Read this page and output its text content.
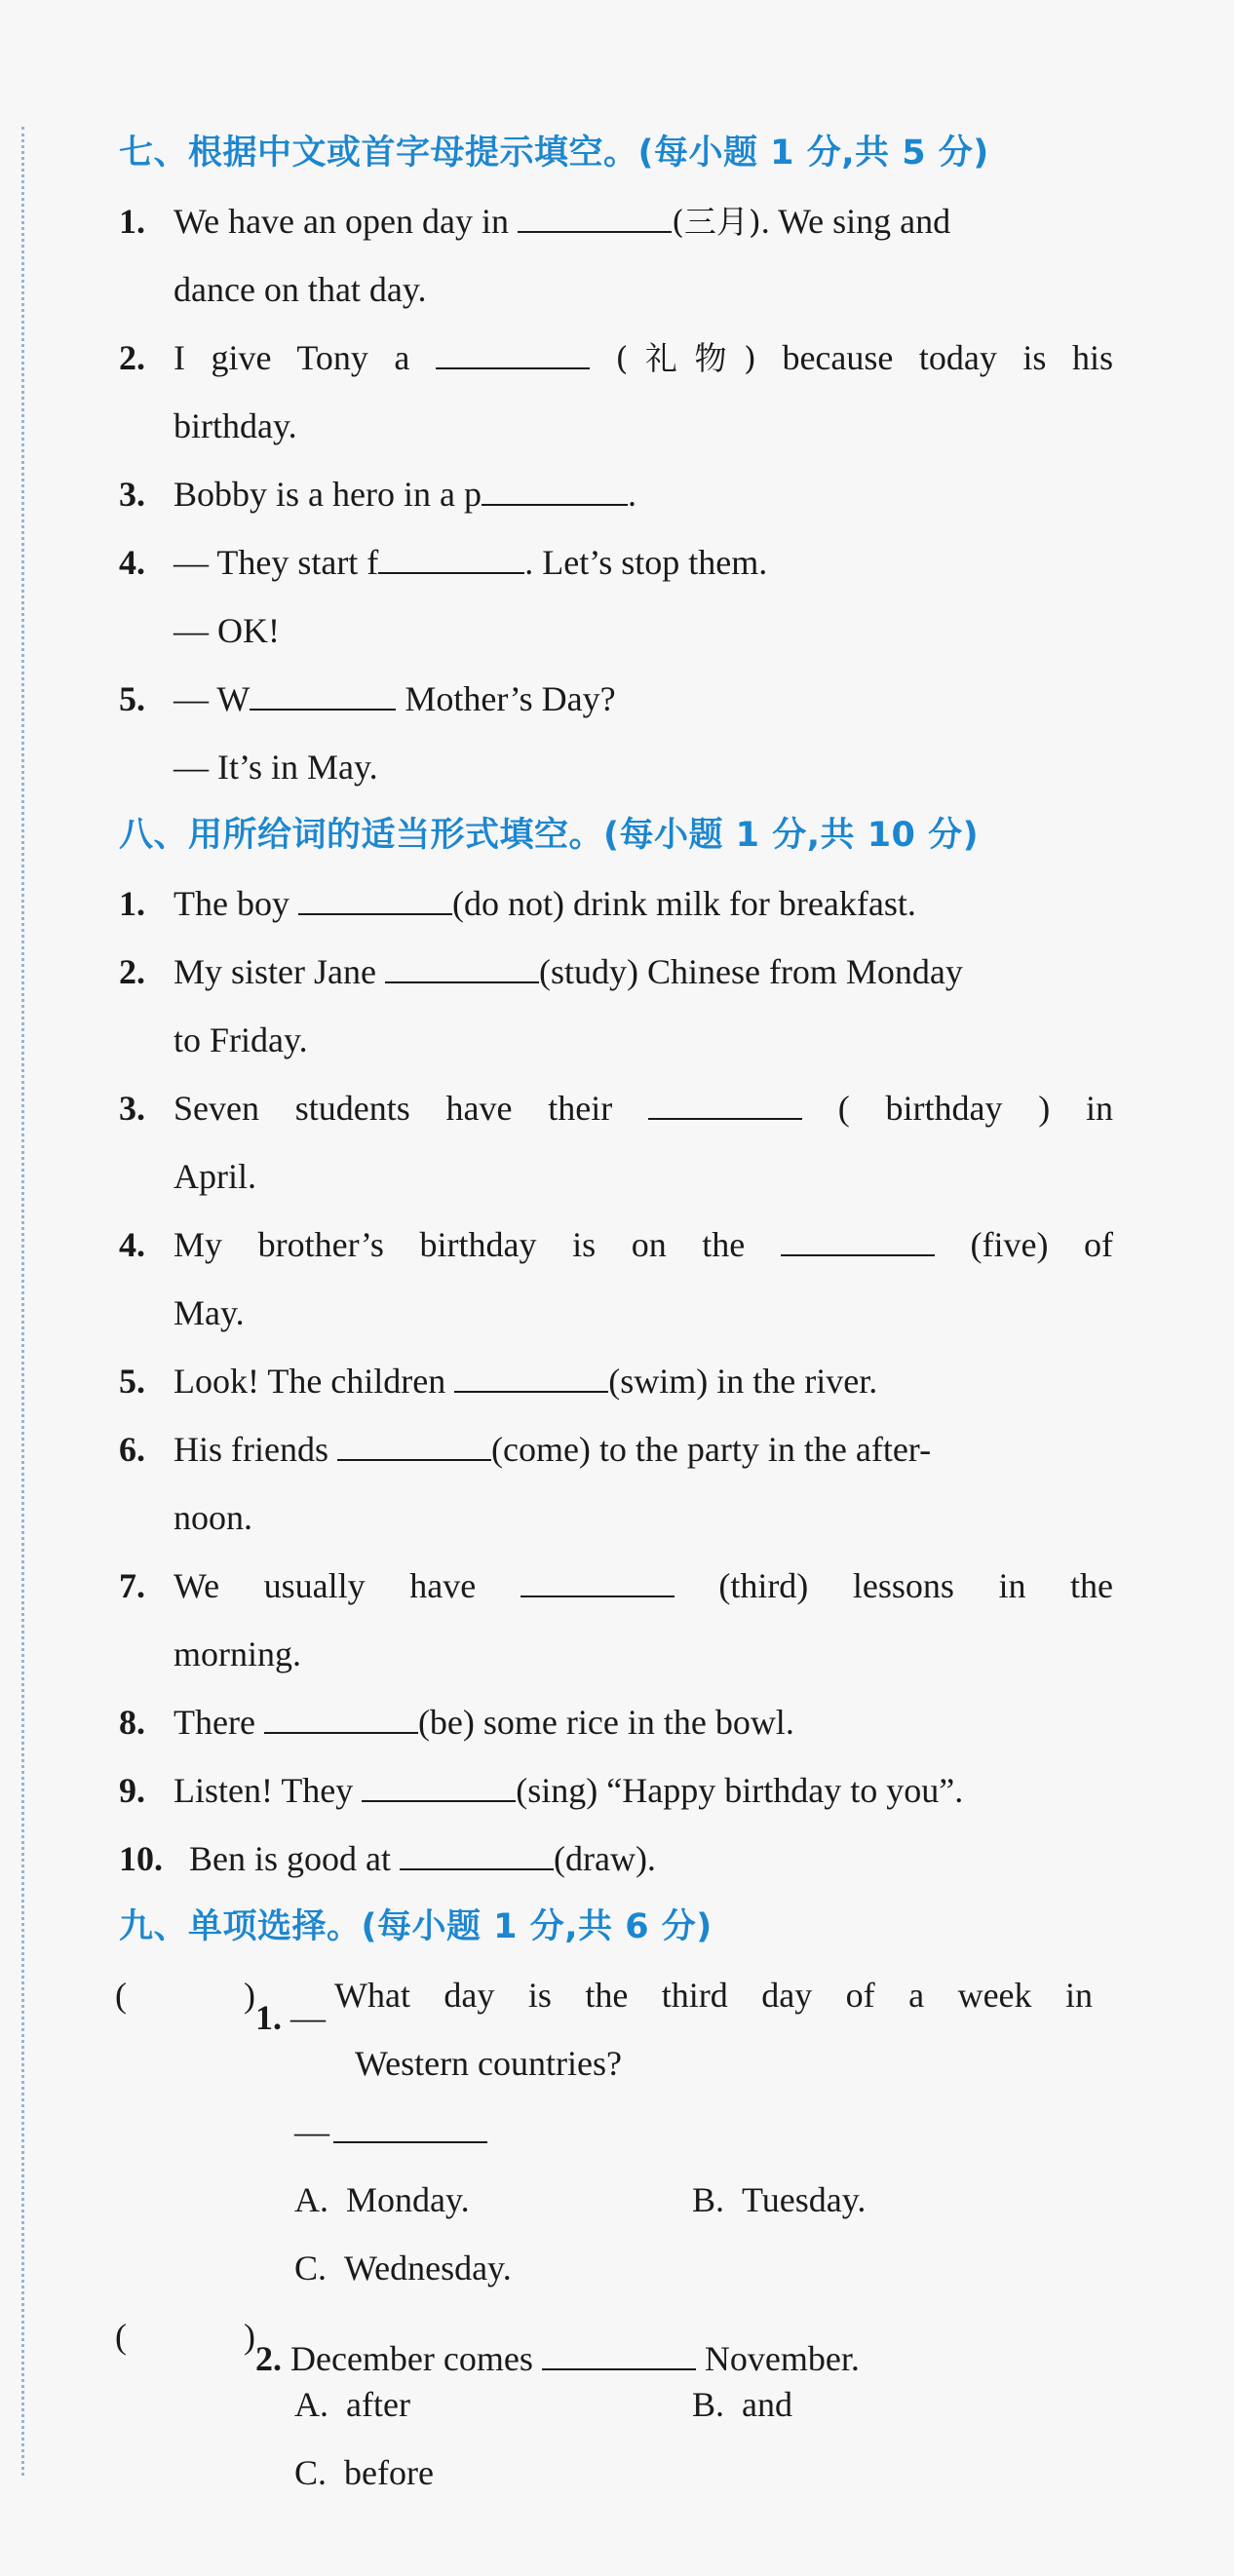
七、根据中文或首字母提示填空。(每小题 1 分,共 5 分)
1. We have an open day in	(三月). We sing and
dance on that day.
2. I give Tony a	(礼物) because today is his
birthday.
3. Bobby is a hero in a p	.
4. — They start f	. Let’s stop them.
— OK!
5. — W	Mother’s Day?
— It’s in May.
八、用所给词的适当形式填空。(每小题 1 分,共 10 分)
1. The boy	(do not) drink milk for breakfast.
2. My sister Jane	(study) Chinese from Monday
to Friday.
3. Seven students have their	( birthday ) in
April.
4. My brother’s birthday is on the	(five) of
May.
5. Look! The children	(swim) in the river.
6. His friends	(come) to the party in the after-
noon.
7. We usually have	(third) lessons in the
morning.
8. There	(be) some rice in the bowl.
9. Listen! They	(sing) “Happy birthday to you”.
10. Ben is good at	(draw).
九、单项选择。(每小题 1 分,共 6 分)
(	)
1. — What day is the third day of a week in
Western countries?
—
A. Monday.	B. Tuesday.
C. Wednesday.
(	)
2. December comes	November.
A. after	B. and
C. before
